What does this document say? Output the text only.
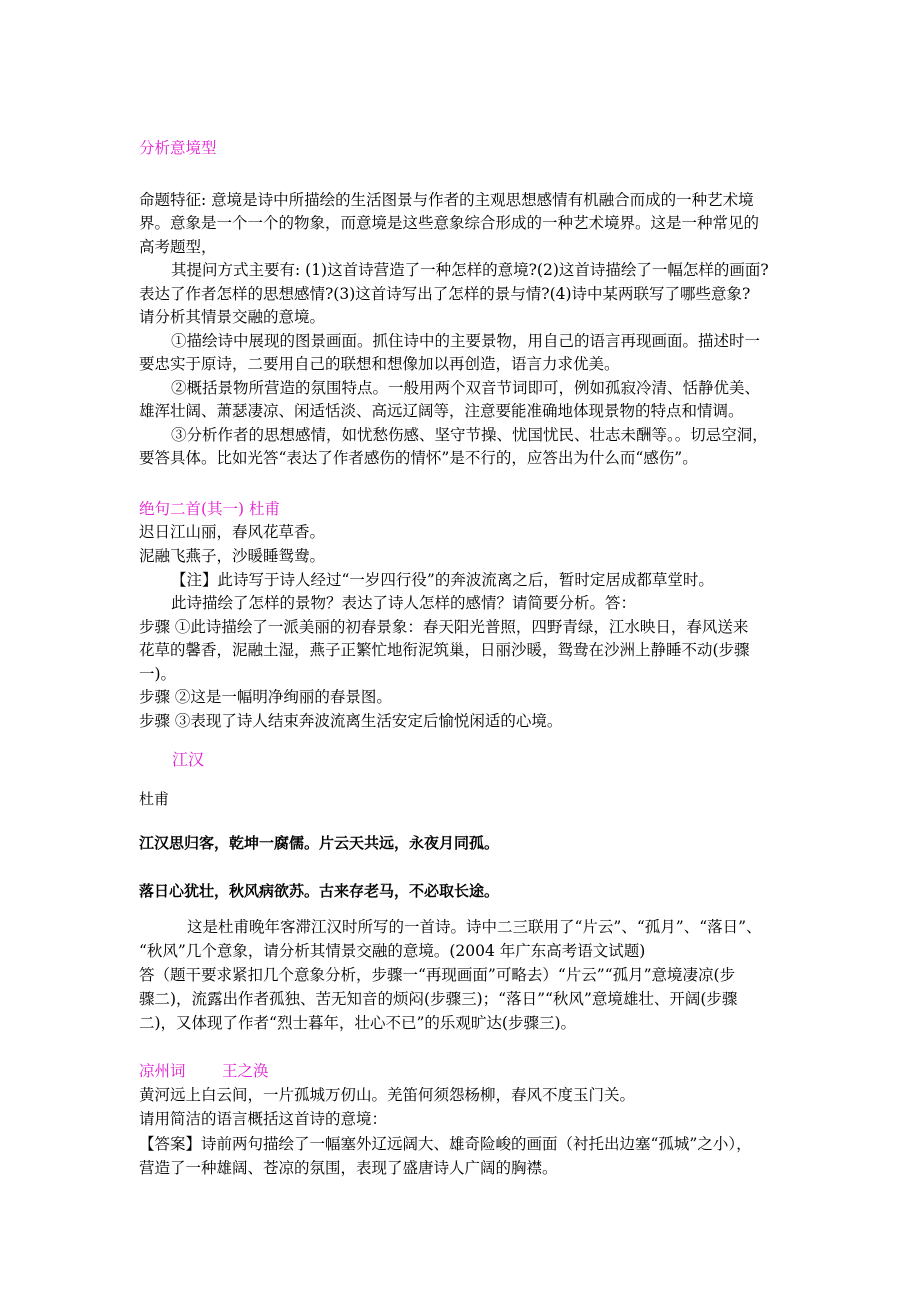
分析意境型
命题特征: 意境是诗中所描绘的生活图景与作者的主观思想感情有机融合而成的一种艺术境
界。意象是一个一个的物象，而意境是这些意象综合形成的一种艺术境界。这是一种常见的
高考题型，
其提问方式主要有: (1)这首诗营造了一种怎样的意境?(2)这首诗描绘了一幅怎样的画面?
表达了作者怎样的思想感情?(3)这首诗写出了怎样的景与情?(4)诗中某两联写了哪些意象?
请分析其情景交融的意境。
①描绘诗中展现的图景画面。抓住诗中的主要景物，用自己的语言再现画面。描述时一
要忠实于原诗，二要用自己的联想和想像加以再创造，语言力求优美。
②概括景物所营造的氛围特点。一般用两个双音节词即可，例如孤寂冷清、恬静优美、
雄浑壮阔、萧瑟凄凉、闲适恬淡、高远辽阔等，注意要能准确地体现景物的特点和情调。
③分析作者的思想感情，如忧愁伤感、坚守节操、忧国忧民、壮志未酬等。。切忌空洞，
要答具体。比如光答“表达了作者感伤的情怀”是不行的，应答出为什么而“感伤”。
绝句二首(其一) 杜甫
迟日江山丽，春风花草香。
泥融飞燕子，沙暖睡鸳鸯。
【注】此诗写于诗人经过“一岁四行役”的奔波流离之后，暂时定居成都草堂时。
此诗描绘了怎样的景物？表达了诗人怎样的感情？请简要分析。答：
步骤 ①此诗描绘了一派美丽的初春景象：春天阳光普照，四野青绿，江水映日，春风送来
花草的馨香，泥融土湿，燕子正繁忙地衔泥筑巢，日丽沙暖，鸳鸯在沙洲上静睡不动(步骤
一)。
步骤 ②这是一幅明净绚丽的春景图。
步骤 ③表现了诗人结束奔波流离生活安定后愉悦闲适的心境。
江汉
杜甫
江汉思归客，乾坤一腐儒。片云天共远，永夜月同孤。
落日心犹壮，秋风病欲苏。古来存老马，不必取长途。
这是杜甫晚年客滞江汉时所写的一首诗。诗中二三联用了“片云”、“孤月”、“落日”、
“秋风”几个意象，请分析其情景交融的意境。(2004 年广东高考语文试题)
答（题干要求紧扣几个意象分析，步骤一“再现画面”可略去）“片云”“孤月”意境凄凉(步
骤二)，流露出作者孤独、苦无知音的烦闷(步骤三)；“落日”“秋风”意境雄壮、开阔(步骤
二)，又体现了作者“烈士暮年，壮心不已”的乐观旷达(步骤三)。
凉州词 王之涣
黄河远上白云间，一片孤城万仞山。羌笛何须怨杨柳，春风不度玉门关。
请用简洁的语言概括这首诗的意境：
【答案】诗前两句描绘了一幅塞外辽远阔大、雄奇险峻的画面（衬托出边塞“孤城”之小），
营造了一种雄阔、苍凉的氛围，表现了盛唐诗人广阔的胸襟。
